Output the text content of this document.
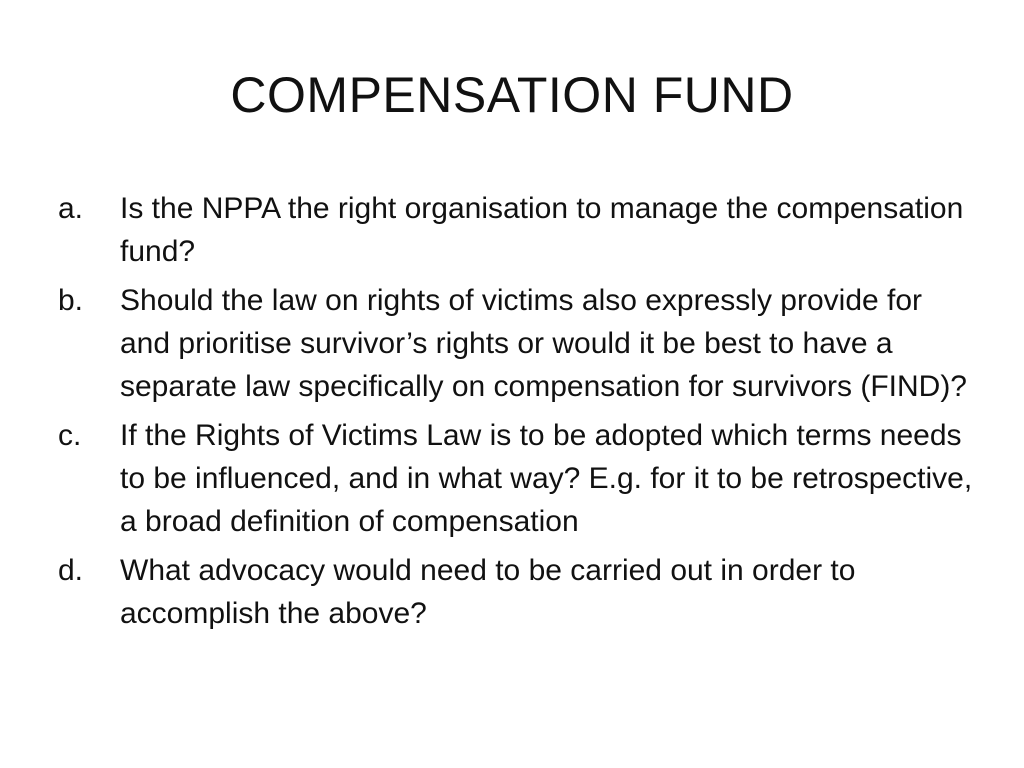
COMPENSATION FUND
a.	Is the NPPA the right organisation to manage the compensation fund?
b.	Should the law on rights of victims also expressly provide for and prioritise survivor’s rights or would it be best to have a separate law specifically on compensation for survivors (FIND)?
c.	If the Rights of Victims Law is to be adopted which terms needs to be influenced, and in what way? E.g. for it to be retrospective, a broad definition of compensation
d.	What advocacy would need to be carried out in order to accomplish the above?
